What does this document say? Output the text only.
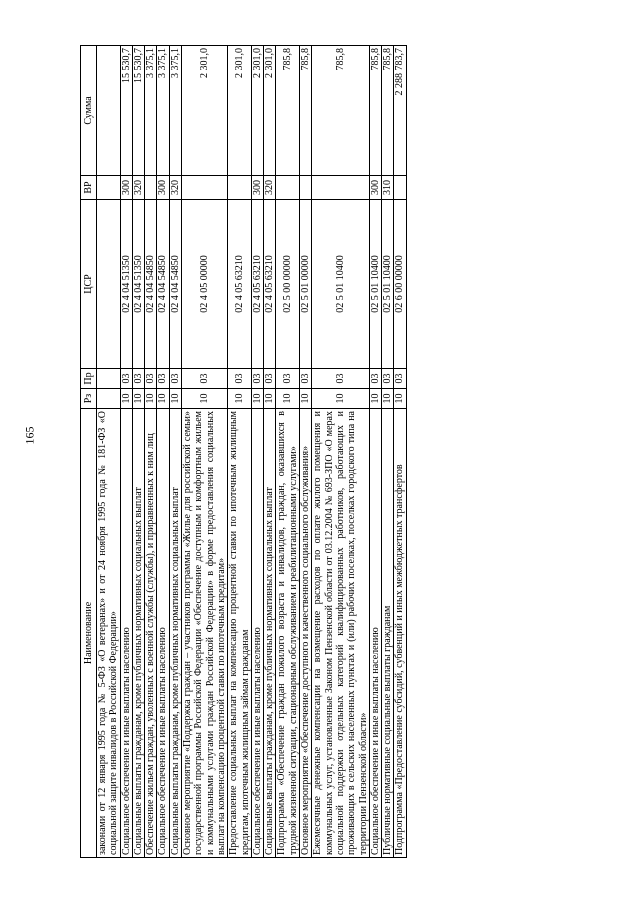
165
Наименование	Рз	Пр	ЦСР	ВР	Сумма
законами от 12 января 1995 года № 5-ФЗ «О ветеранах» и от 24 ноября 1995 года № 181-ФЗ «О социальной защите инвалидов в Российской Федерации»					
Социальное обеспечение и иные выплаты населению	10	03	02 4 04 51350	300	15 530,7
Социальные выплаты гражданам, кроме публичных нормативных социальных выплат	10	03	02 4 04 51350	320	15 530,7
Обеспечение жильем граждан, уволенных с военной службы (службы), и приравненных к ним лиц	10	03	02 4 04 54850		3 375,1
Социальное обеспечение и иные выплаты населению	10	03	02 4 04 54850	300	3 375,1
Социальные выплаты гражданам, кроме публичных нормативных социальных выплат	10	03	02 4 04 54850	320	3 375,1
Основное мероприятие «Поддержка граждан – участников программы «Жилье для российской семьи» государственной программы Российской Федерации «Обеспечение доступным и комфортным жильем и коммунальными услугами граждан Российской Федерации» в форме предоставления социальных выплат на компенсацию процентной ставки по ипотечным кредитам»	10	03	02 4 05 00000		2 301,0
Предоставление социальных выплат на компенсацию процентной ставки по ипотечным жилищным кредитам, ипотечным жилищным займам гражданам	10	03	02 4 05 63210		2 301,0
Социальное обеспечение и иные выплаты населению	10	03	02 4 05 63210	300	2 301,0
Социальные выплаты гражданам, кроме публичных нормативных социальных выплат	10	03	02 4 05 63210	320	2 301,0
Подпрограмма «Обеспечение граждан пожилого возраста и инвалидов, граждан, оказавшихся в трудной жизненной ситуации, стационарным обслуживанием и реабилитационными услугами»	10	03	02 5 00 00000		785,8
Основное мероприятие «Обеспечение доступного и качественного социального обслуживания»	10	03	02 5 01 00000		785,8
Ежемесячные денежные компенсации на возмещение расходов по оплате жилого помещения и коммунальных услуг, установленные Законом Пензенской области от 03.12.2004 № 693-ЗПО «О мерах социальной поддержки отдельных категорий квалифицированных работников, работающих и проживающих в сельских населенных пунктах и (или) рабочих поселках, поселках городского типа на территории Пензенской области»	10	03	02 5 01 10400		785,8
Социальное обеспечение и иные выплаты населению	10	03	02 5 01 10400	300	785,8
Публичные нормативные социальные выплаты гражданам	10	03	02 5 01 10400	310	785,8
Подпрограмма «Предоставление субсидий, субвенций и иных межбюджетных трансфертов	10	03	02 6 00 00000		2 288 783,7
